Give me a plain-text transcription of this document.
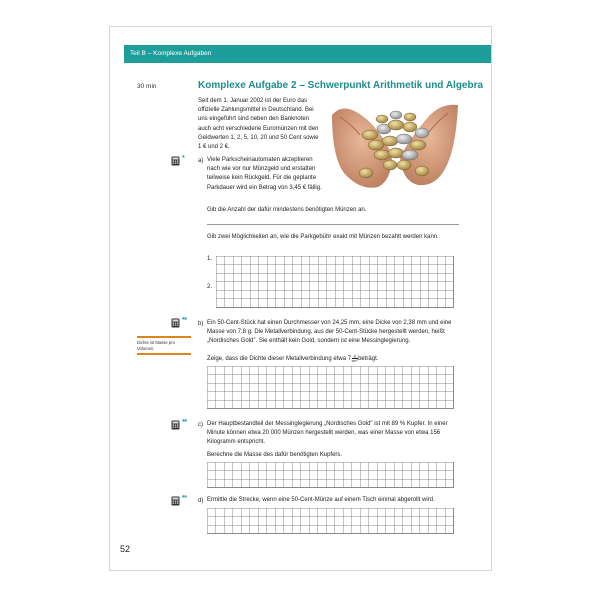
Teil B – Komplexe Aufgaben
30 min	Komplexe Aufgabe 2 – Schwerpunkt Arithmetik und Algebra
Seit dem 1. Januar 2002 ist der Euro das offizielle Zahlungsmittel in Deutschland. Bei uns eingeführt sind neben den Banknoten auch acht verschiedene Euromünzen mit den Geldwerten 1, 2, 5, 10, 20 und 50 Cent sowie 1 € und 2 €.
* a) Viele Parkscheinautomaten akzeptieren nach wie vor nur Münzgeld und erstatten teilweise kein Rückgeld. Für die geplante Parkdauer wird ein Betrag von 3,45 € fällig.
Gib die Anzahl der dafür mindestens benötigten Münzen an.
Gib zwei Möglichkeiten an, wie die Parkgebühr exakt mit Münzen bezahlt werden kann.
1.
2.
Dichte ist Masse pro Volumen.
** b) Ein 50-Cent-Stück hat einen Durchmesser von 24,25 mm, eine Dicke von 2,38 mm und eine Masse von 7,8 g. Die Metallverbindung, aus der 50-Cent-Stücke hergestellt werden, heißt „Nordisches Gold". Sie enthält kein Gold, sondern ist eine Messinglegierung.
Zeige, dass die Dichte dieser Metallverbindung etwa $7 \frac{g}{\text{cm³}}$ beträgt.
** c) Der Hauptbestandteil der Messinglegierung „Nordisches Gold" ist mit 89 % Kupfer. In einer Minute können etwa 20 000 Münzen hergestellt werden, was einer Masse von etwa 156 Kilogramm entspricht.
Berechne die Masse des dafür benötigten Kupfers.
** d) Ermittle die Strecke, wenn eine 50-Cent-Münze auf einem Tisch einmal abgerollt wird.
52
